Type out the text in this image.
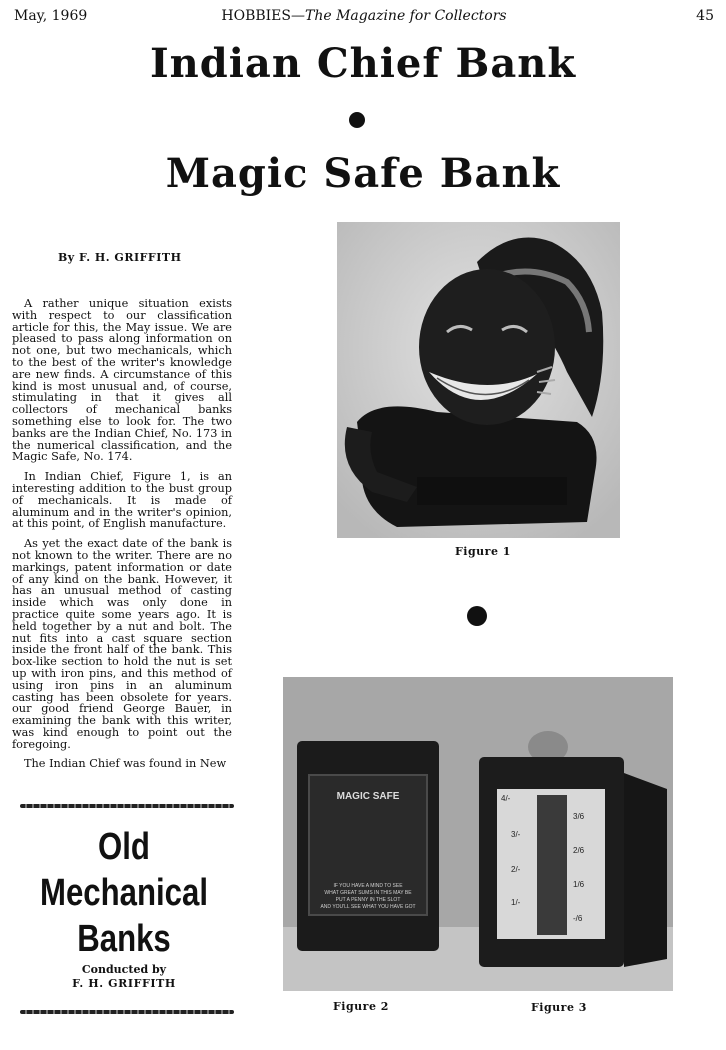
May, 1969	HOBBIES—The Magazine for Collectors	45
Indian Chief Bank
Magic Safe Bank
By F. H. GRIFFITH

A rather unique situation exists with respect to our classification article for this, the May issue. We are pleased to pass along information on not one, but two mechanicals, which to the best of the writer's knowledge are new finds. A circumstance of this kind is most unusual and, of course, stimulating in that it gives all collectors of mechanical banks something else to look for. The two banks are the Indian Chief, No. 173 in the numerical classification, and the Magic Safe, No. 174.

In Indian Chief, Figure 1, is an interesting addition to the bust group of mechanicals. It is made of aluminum and in the writer's opinion, at this point, of English manufacture.

As yet the exact date of the bank is not known to the writer. There are no markings, patent information or date of any kind on the bank. However, it has an unusual method of casting inside which was only done in practice quite some years ago. It is held together by a nut and bolt. The nut fits into a cast square section inside the front half of the bank. This box-like section to hold the nut is set up with iron pins, and this method of using iron pins in an aluminum casting has been obsolete for years. our good friend George Bauer, in examining the bank with this writer, was kind enough to point out the foregoing.

The Indian Chief was found in New

Figure 1
MAGIC SAFE
IF YOU HAVE A MIND TO SEE
WHAT GREAT SUMS IN THIS MAY BE
PUT A PENNY IN THE SLOT
AND YOU'LL SEE WHAT YOU HAVE GOT
4/-
3/-
2/-
1/-
3/6
2/6
1/6
-/6
Figure 2	Figure 3
Old
Mechanical
Banks
Conducted by
F. H. GRIFFITH
